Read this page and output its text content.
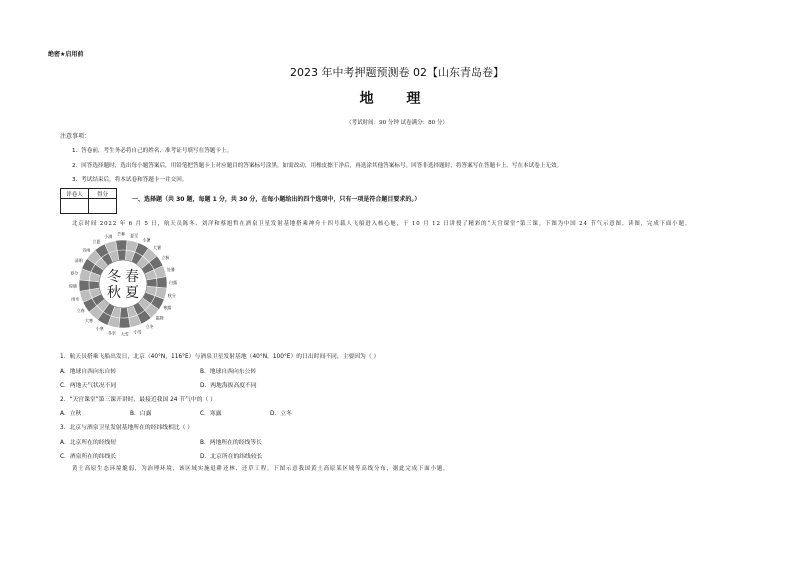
绝密★启用前
2023 年中考押题预测卷 02【山东青岛卷】
地 理
（考试时间：90 分钟 试卷满分：80 分）
注意事项：
1．答卷前，考生务必将自己的姓名、准考证号填写在答题卡上。
2．回答选择题时，选出每小题答案后，用铅笔把答题卡上对应题目的答案标号涂黑。如需改动，用橡皮擦干净后，再选涂其他答案标号。回答非选择题时，将答案写在答题卡上。写在本试卷上无效。
3．考试结束后，将本试卷和答题卡一并交回。
评卷人	得分

一、选择题（共 30 题，每题 1 分，共 30 分，在每小题给出的四个选项中，只有一项是符合题目要求的。）
北京时间 2022 年 6 月 5 日，航天员陈冬、刘洋和蔡旭哲在酒泉卫星发射基地搭乘神舟十四号载人飞船进入核心舱，于 10 月 12 日讲授了精彩的“天宫课堂”第三课。下图为中国 24 节气示意图。读图，完成下面小题。
立春
雨水
惊蛰
春分
清明
谷雨
立夏
小满 芒种 夏至
小暑
大暑
立秋
处暑
白露
秋分
寒露
霜降
立冬
小雪
大雪
冬至
小寒
大寒
冬 春
秋 夏
1．航天员搭乘飞船出发日，北京（40°N，116°E）与酒泉卫星发射基地（40°N，100°E）的日出时间不同，主要因为（ ）
A．地球自西向东自转	B．地球自西向东公转
C．两地天气状况不同	D．两地海拔高度不同
2．“天宫课堂”第三课开讲时，最接近我国 24 节气中的（ ）
A．立秋	B．白露	C．寒露	D．立冬
3．北京与酒泉卫星发射基地所在的经纬线相比（ ）
A．北京所在的经线短	B．两地所在的经线等长
C．酒泉所在的纬线长	D．北京所在的纬线较长
黄土高原生态环境脆弱，为治理环境，该区域实施退耕还林、还草工程。下图示意我国黄土高原某区域等高线分布，据此完成下面小题。
